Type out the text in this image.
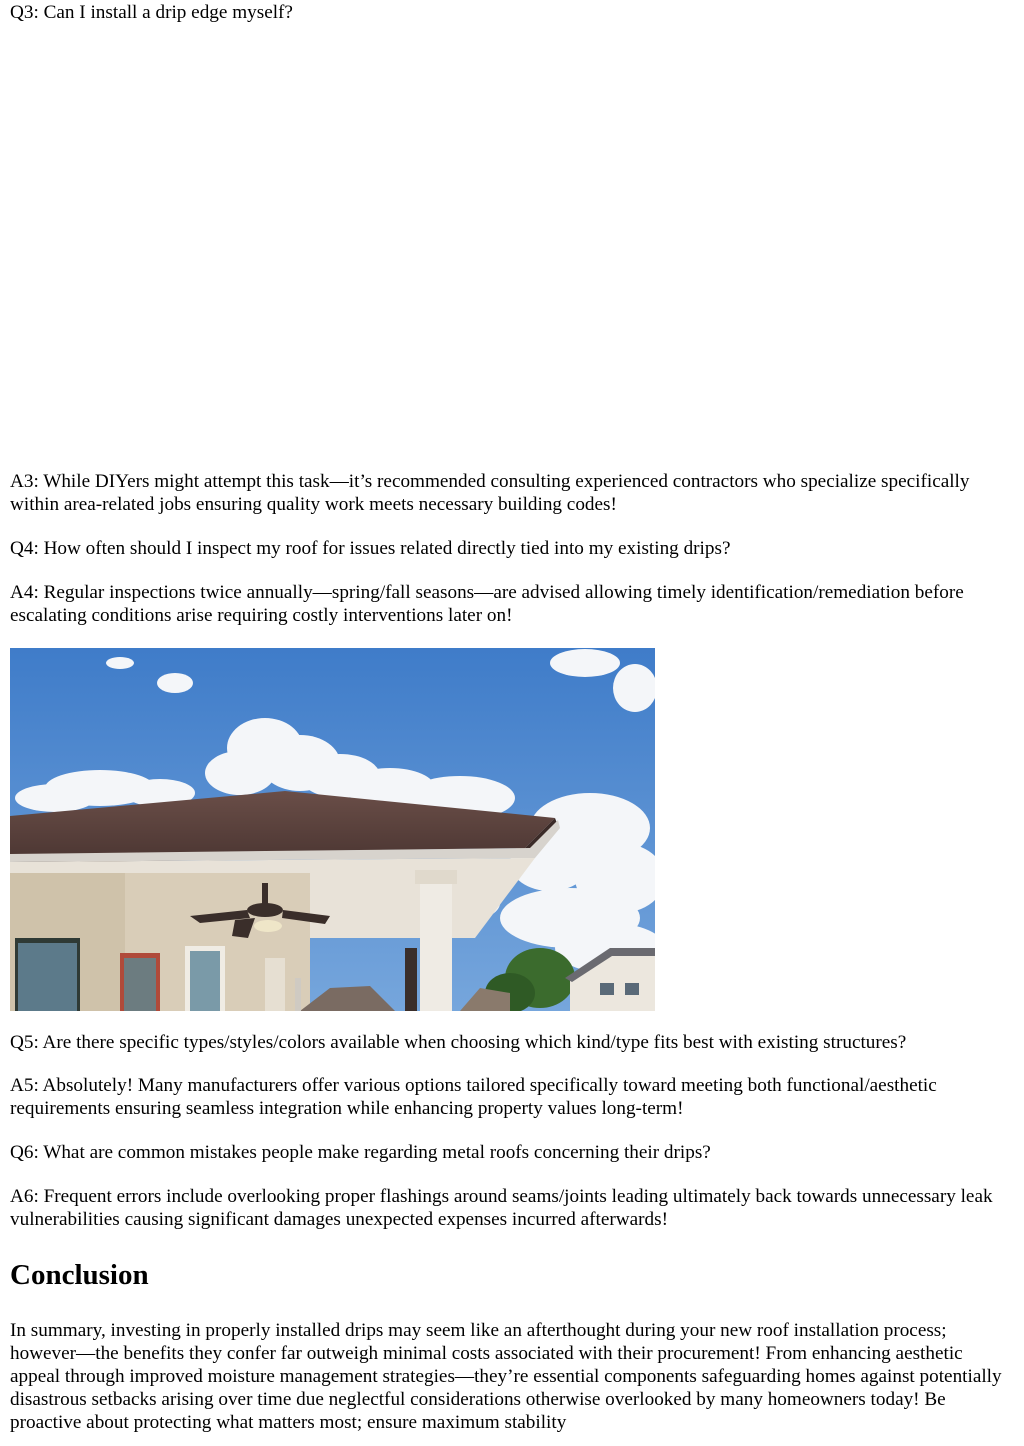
Q3: Can I install a drip edge myself?

A3: While DIYers might attempt this task—it’s recommended consulting experienced contractors who specialize specifically within area-related jobs ensuring quality work meets necessary building codes!

Q4: How often should I inspect my roof for issues related directly tied into my existing drips?

A4: Regular inspections twice annually—spring/fall seasons—are advised allowing timely identification/remediation before escalating conditions arise requiring costly interventions later on!

Q5: Are there specific types/styles/colors available when choosing which kind/type fits best with existing structures?

A5: Absolutely! Many manufacturers offer various options tailored specifically toward meeting both functional/aesthetic requirements ensuring seamless integration while enhancing property values long-term!

Q6: What are common mistakes people make regarding metal roofs concerning their drips?

A6: Frequent errors include overlooking proper flashings around seams/joints leading ultimately back towards unnecessary leak vulnerabilities causing significant damages unexpected expenses incurred afterwards!

Conclusion

In summary, investing in properly installed drips may seem like an afterthought during your new roof installation process; however—the benefits they confer far outweigh minimal costs associated with their procurement! From enhancing aesthetic appeal through improved moisture management strategies—they’re essential components safeguarding homes against potentially disastrous setbacks arising over time due neglectful considerations otherwise overlooked by many homeowners today! Be proactive about protecting what matters most; ensure maximum stability
